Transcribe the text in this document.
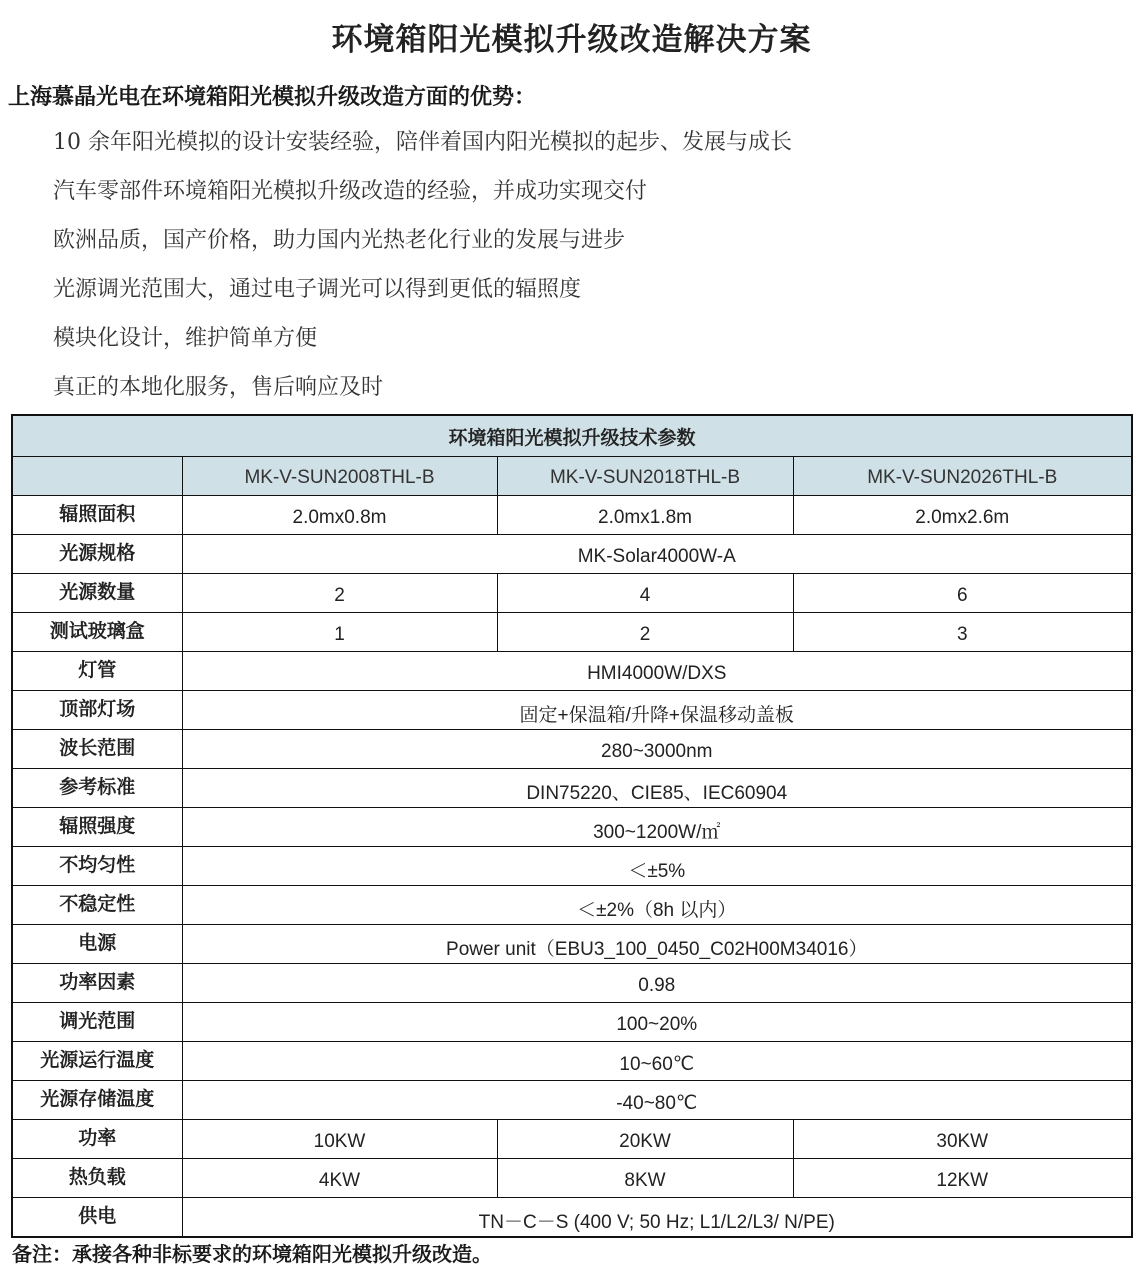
环境箱阳光模拟升级改造解决方案
上海慕晶光电在环境箱阳光模拟升级改造方面的优势：
10 余年阳光模拟的设计安装经验，陪伴着国内阳光模拟的起步、发展与成长
汽车零部件环境箱阳光模拟升级改造的经验，并成功实现交付
欧洲品质，国产价格，助力国内光热老化行业的发展与进步
光源调光范围大，通过电子调光可以得到更低的辐照度
模块化设计，维护简单方便
真正的本地化服务，售后响应及时
环境箱阳光模拟升级技术参数			
	MK-V-SUN2008THL-B	MK-V-SUN2018THL-B	MK-V-SUN2026THL-B
辐照面积	2.0mx0.8m	2.0mx1.8m	2.0mx2.6m
光源规格	MK-Solar4000W-A		
光源数量	2	4	6
测试玻璃盒	1	2	3
灯管	HMI4000W/DXS		
顶部灯场	固定+保温箱/升降+保温移动盖板		
波长范围	280~3000nm		
参考标准	DIN75220、CIE85、IEC60904		
辐照强度	300~1200W/㎡		
不均匀性	＜±5%		
不稳定性	＜±2%（8h 以内）		
电源	Power unit（EBU3_100_0450_C02H00M34016）		
功率因素	0.98		
调光范围	100~20%		
光源运行温度	10~60℃		
光源存储温度	-40~80℃		
功率	10KW	20KW	30KW
热负载	4KW	8KW	12KW
供电	TN－C－S (400 V; 50 Hz; L1/L2/L3/ N/PE)		
备注：承接各种非标要求的环境箱阳光模拟升级改造。
